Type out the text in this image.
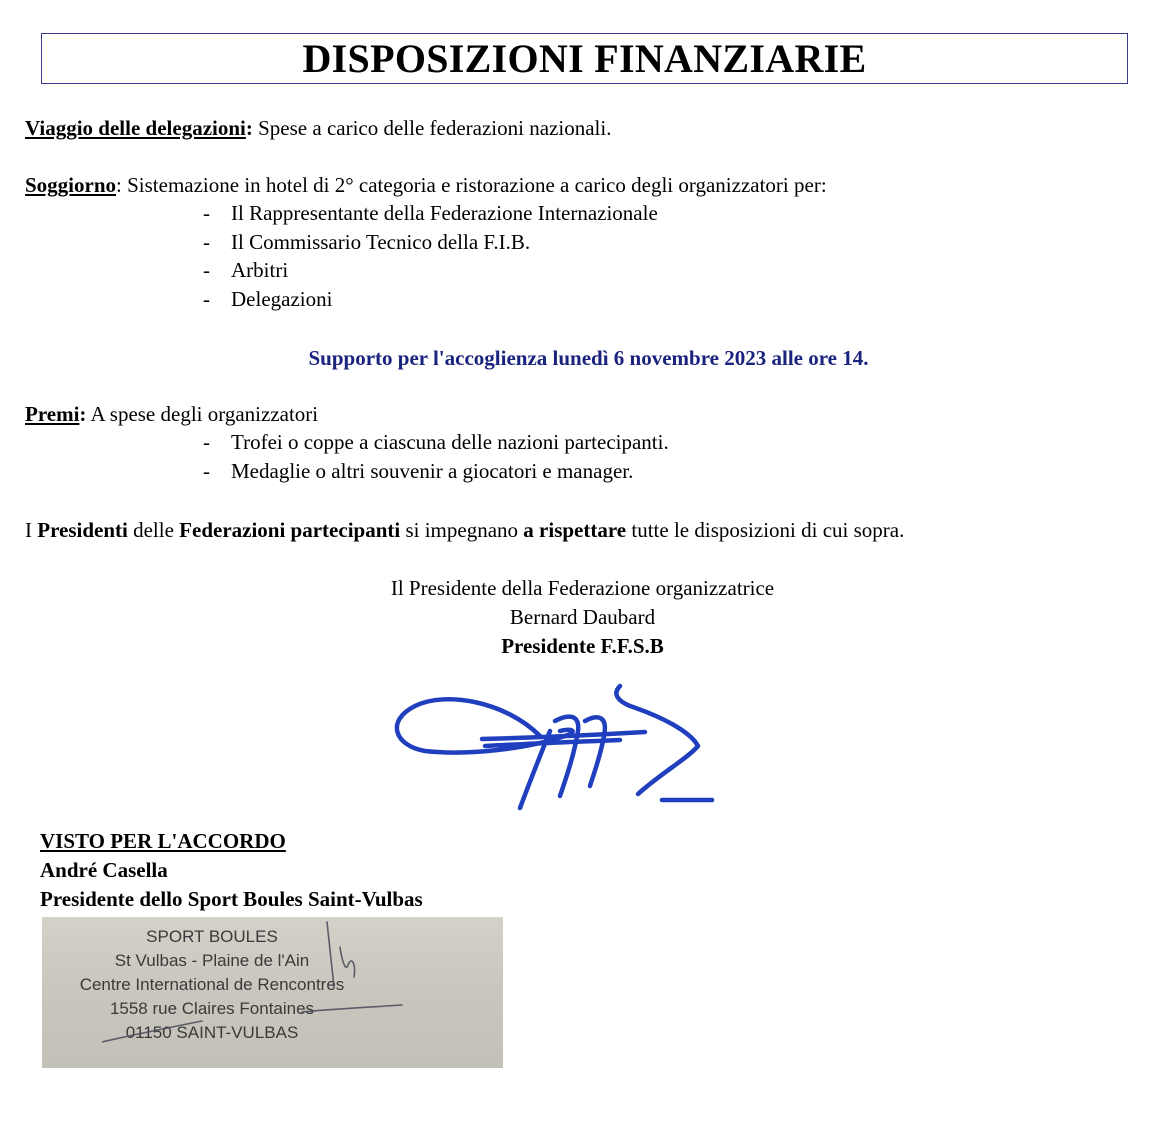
DISPOSIZIONI FINANZIARIE
Viaggio delle delegazioni: Spese a carico delle federazioni nazionali.
Soggiorno: Sistemazione in hotel di 2° categoria e ristorazione a carico degli organizzatori per:
- Il Rappresentante della Federazione Internazionale
- Il Commissario Tecnico della F.I.B.
- Arbitri
- Delegazioni
Supporto per l'accoglienza lunedì 6 novembre 2023 alle ore 14.
Premi: A spese degli organizzatori
- Trofei o coppe a ciascuna delle nazioni partecipanti.
- Medaglie o altri souvenir a giocatori e manager.
I Presidenti delle Federazioni partecipanti si impegnano a rispettare tutte le disposizioni di cui sopra.
Il Presidente della Federazione organizzatrice
Bernard Daubard
Presidente F.F.S.B
VISTO PER L'ACCORDO
André Casella
Presidente dello Sport Boules Saint-Vulbas
SPORT BOULES
St Vulbas - Plaine de l'Ain
Centre International de Rencontres
1558 rue Claires Fontaines
01150 SAINT-VULBAS
